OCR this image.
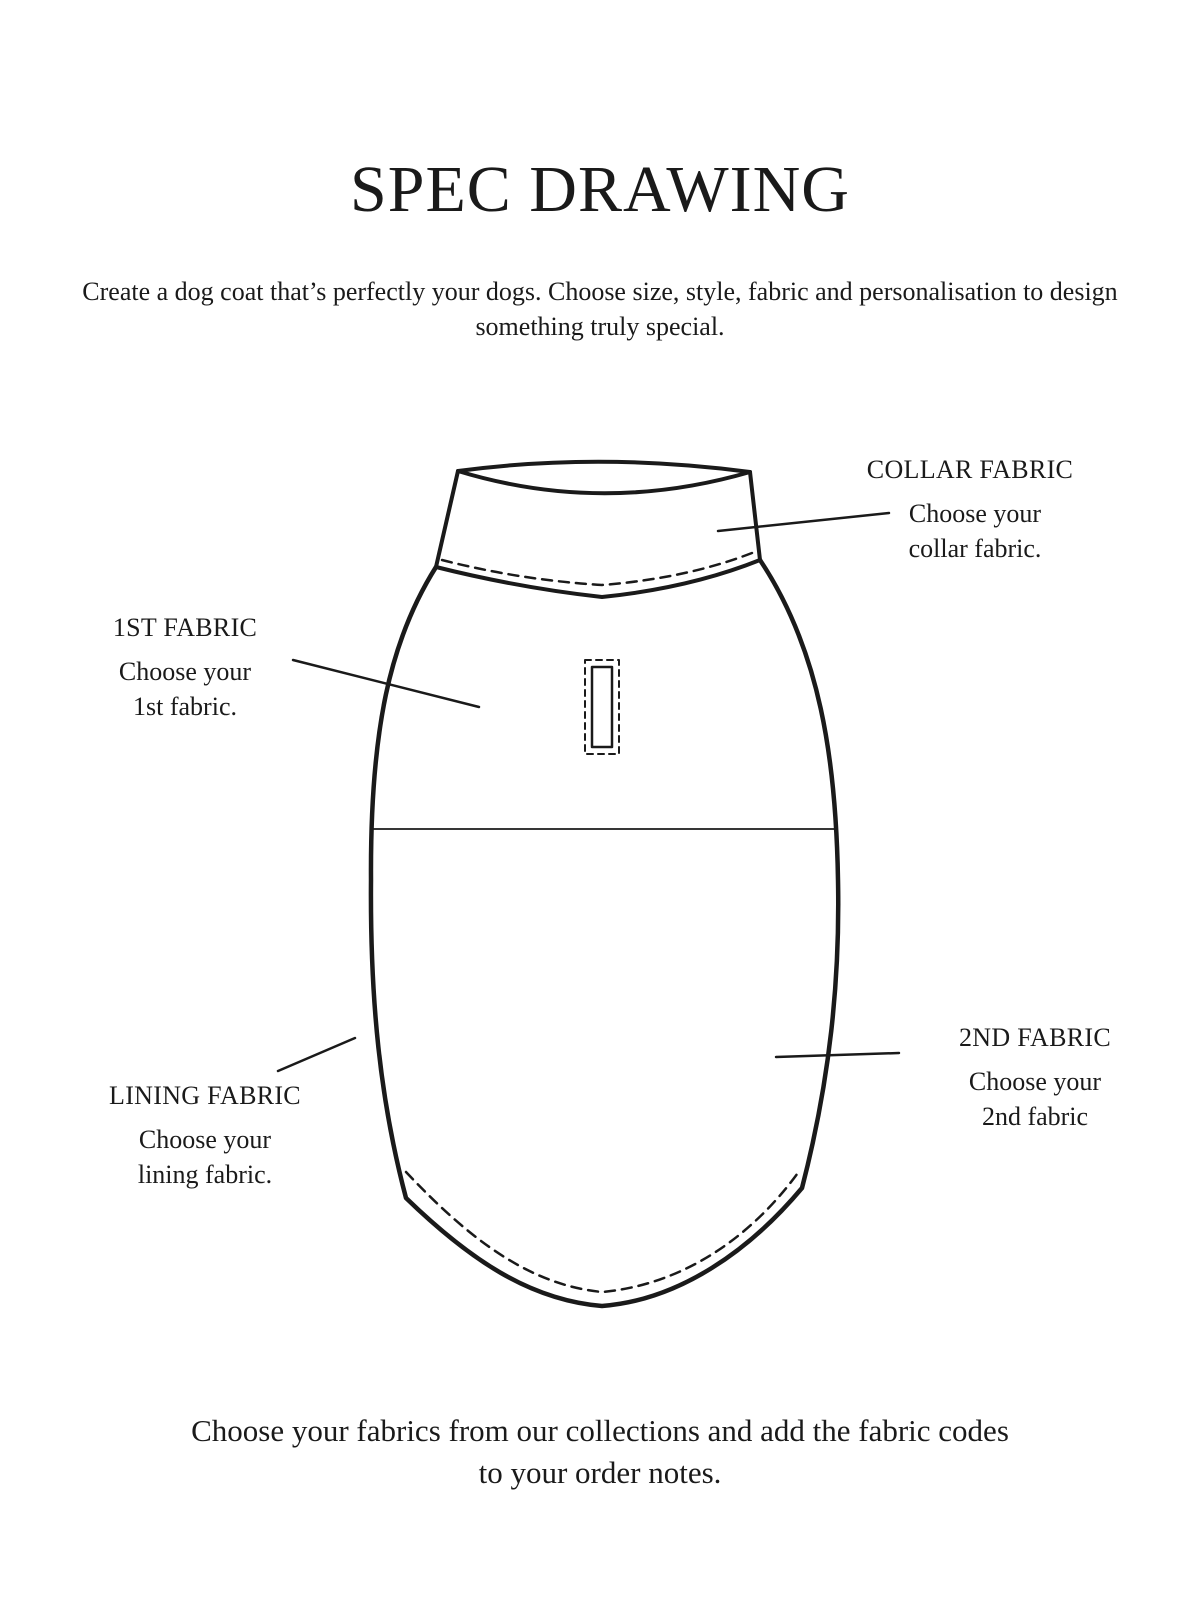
SPEC DRAWING

Create a dog coat that’s perfectly your dogs. Choose size, style, fabric and personalisation to design something truly special.

COLLAR FABRIC
Choose your
collar fabric.
1ST FABRIC
Choose your
1st fabric.
LINING FABRIC
Choose your
lining fabric.
2ND FABRIC
Choose your
2nd fabric

Choose your fabrics from our collections and add the fabric codes
to your order notes.
